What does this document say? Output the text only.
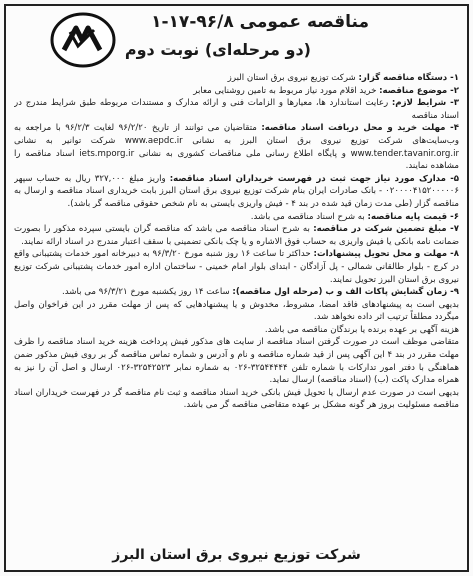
مناقصه عمومی ۹۶/۸-۱۷-۱
(دو مرحله‌ای) نوبت دوم

۱- دستگاه مناقصه گزار: شرکت توزیع نیروی برق استان البرز

۲- موضوع مناقصه: خرید اقلام مورد نیاز مربوط به تامین روشنایی معابر

۳- شرایط لازم: رعایت استاندارد ها، معیارها و الزامات فنی و ارائه مدارک و مستندات مربوطه طبق شرایط مندرج در اسناد مناقصه

۴- مهلت خرید و محل دریافت اسناد مناقصه: متقاضیان می توانند از تاریخ ۹۶/۲/۲۰ لغایت ۹۶/۲/۳ با مراجعه به وب‌سایت‌های شرکت توزیع نیروی برق استان البرز به نشانی www.aepdc.ir شرکت توانیر به نشانی www.tender.tavanir.org.ir و پایگاه اطلاع رسانی ملی مناقصات کشوری به نشانی iets.mporg.ir اسناد مناقصه را مشاهده نمایند.

۵- مدارک مورد نیاز جهت ثبت در فهرست خریداران اسناد مناقصه: واریز مبلغ ۳۲۷,۰۰۰ ریال به حساب سپهر ۰۲۰۰۰۰۴۱۵۲۰۰۰۰۰۶ - بانک صادرات ایران بنام شرکت توزیع نیروی برق استان البرز بابت خریداری اسناد مناقصه و ارسال به مناقصه گزار (طی مدت زمان قید شده در بند ۴ - فیش واریزی بایستی به نام شخص حقوقی مناقصه گر باشد).

۶- قیمت پایه مناقصه: به شرح اسناد مناقصه می باشد.

۷- مبلغ تضمین شرکت در مناقصه: به شرح اسناد مناقصه می باشد که مناقصه گران بایستی سپرده مذکور را بصورت ضمانت نامه بانکی یا فیش واریزی به حساب فوق الاشاره و یا چک بانکی تضمینی با سقف اعتبار مندرج در اسناد ارائه نمایند.

۸- مهلت و محل تحویل پیشنهادات: حداکثر تا ساعت ۱۶ روز شنبه مورخ ۹۶/۳/۲۰ به دبیرخانه امور خدمات پشتیبانی واقع در کرج - بلوار طالقانی شمالی - پل آزادگان - ابتدای بلوار امام خمینی - ساختمان اداره امور خدمات پشتیبانی شرکت توزیع نیروی برق استان البرز تحویل نمایند.

۹- زمان گشایش پاکات الف و ب (مرحله اول مناقصه): ساعت ۱۴ روز یکشنبه مورخ ۹۶/۳/۲۱ می باشد.

بدیهی است به پیشنهادهای فاقد امضا، مشروط، مخدوش و یا پیشنهادهایی که پس از مهلت مقرر در این فراخوان واصل میگردد مطلقاً ترتیب اثر داده نخواهد شد.

هزینه آگهی بر عهده برنده یا برندگان مناقصه می باشد.

متقاضی موظف است در صورت گرفتن اسناد مناقصه از سایت های مذکور فیش پرداخت هزینه خرید اسناد مناقصه را ظرف مهلت مقرر در بند ۴ این آگهی پس از قید شماره مناقصه و نام و آدرس و شماره تماس مناقصه گر بر روی فیش مذکور ضمن هماهنگی با دفتر امور تدارکات با شماره تلفن ۳۲۵۴۴۴۴۴-۰۲۶ به شماره نمابر ۳۲۵۴۲۵۲۳-۰۲۶ ارسال و اصل آن را نیز به همراه مدارک پاکت (ب) (اسناد مناقصه) ارسال نماید.

بدیهی است در صورت عدم ارسال یا تحویل فیش بانکی خرید اسناد مناقصه و ثبت نام مناقصه گر در فهرست خریداران اسناد مناقصه مسئولیت بروز هر گونه مشکل بر عهده متقاضی مناقصه گر می باشد.

شرکت توزیع نیروی برق استان البرز
